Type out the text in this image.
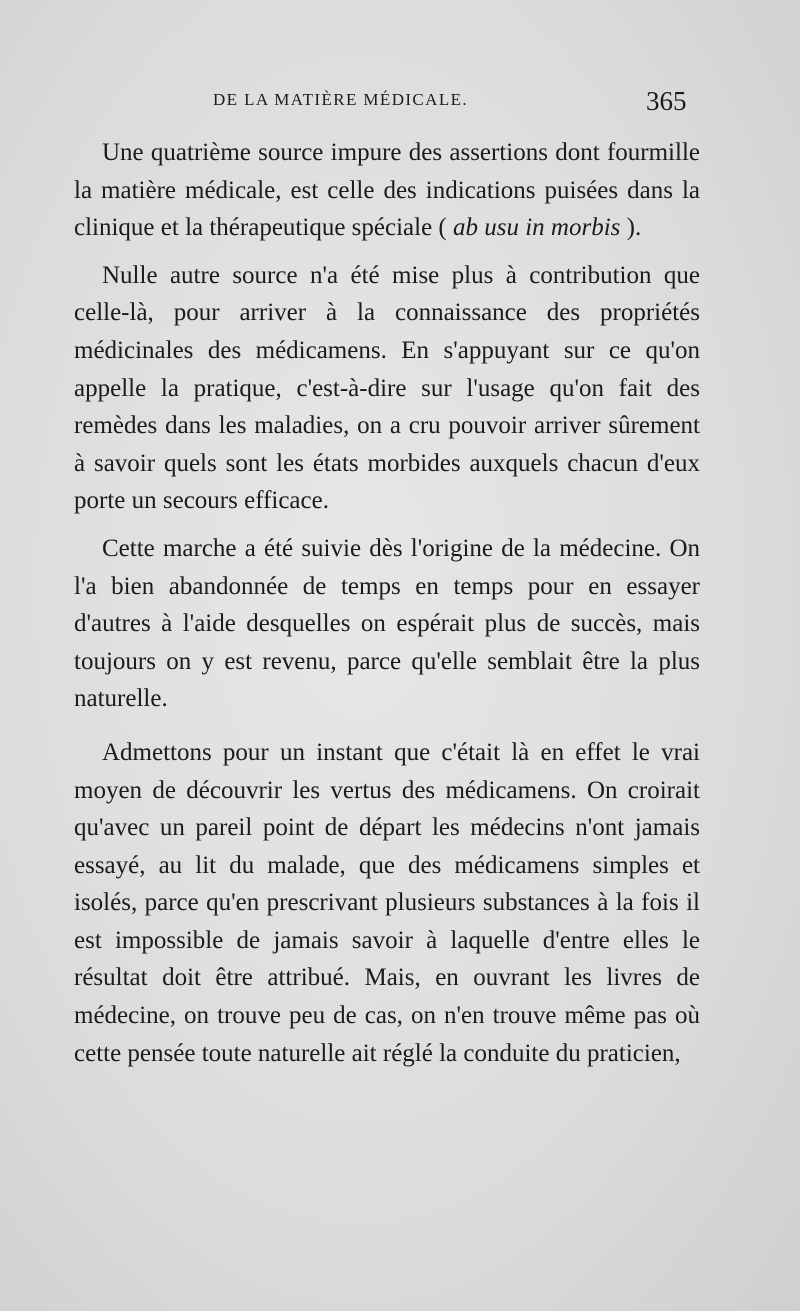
DE LA MATIÈRE MÉDICALE.	365

Une quatrième source impure des assertions dont fourmille la matière médicale, est celle des indications puisées dans la clinique et la thérapeutique spéciale ( ab usu in morbis ).

Nulle autre source n'a été mise plus à contribution que celle-là, pour arriver à la connaissance des propriétés médicinales des médicamens. En s'appuyant sur ce qu'on appelle la pratique, c'est-à-dire sur l'usage qu'on fait des remèdes dans les maladies, on a cru pouvoir arriver sûrement à savoir quels sont les états morbides auxquels chacun d'eux porte un secours efficace.

Cette marche a été suivie dès l'origine de la médecine. On l'a bien abandonnée de temps en temps pour en essayer d'autres à l'aide desquelles on espérait plus de succès, mais toujours on y est revenu, parce qu'elle semblait être la plus naturelle.

Admettons pour un instant que c'était là en effet le vrai moyen de découvrir les vertus des médicamens. On croirait qu'avec un pareil point de départ les médecins n'ont jamais essayé, au lit du malade, que des médicamens simples et isolés, parce qu'en prescrivant plusieurs substances à la fois il est impossible de jamais savoir à laquelle d'entre elles le résultat doit être attribué. Mais, en ouvrant les livres de médecine, on trouve peu de cas, on n'en trouve même pas où cette pensée toute naturelle ait réglé la conduite du praticien,
